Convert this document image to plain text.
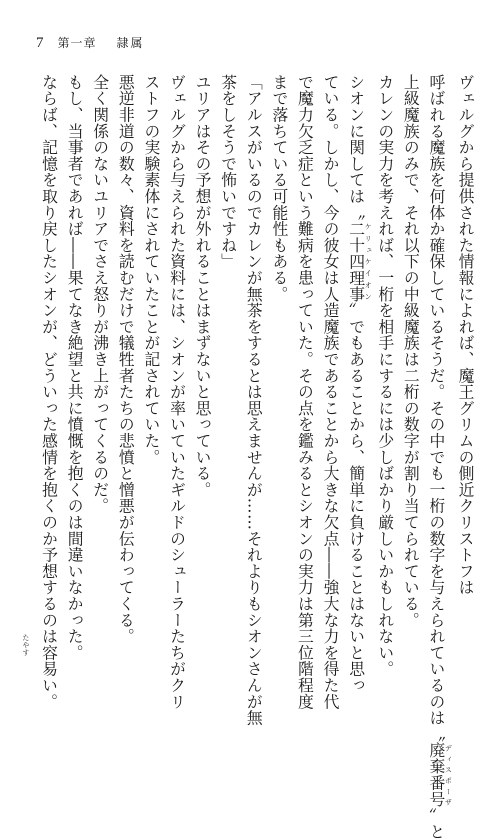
7 第一章 隷属
ヴェルグから提供された情報によれば、魔王グリムの側近クリストフは
呼ばれる魔族を何体か確保しているそうだ。その中でも一桁の数字を与えられているのは〝廃棄番号ディスポーザ〟と
上級魔族のみで、それ以下の中級魔族は二桁の数字が割り当てられている。
カレンの実力を考えれば、一桁を相手にするには少しばかり厳しいかもしれない。
シオンに関しては〝二十四理事ケリュケイオン〟でもあることから、簡単に負けることはないと思っ
ている。しかし、今の彼女は人造魔族であることから大きな欠点――強大な力を得た代
で魔力欠乏症という難病を患っていた。その点を鑑みるとシオンの実力は第三位階程度
まで落ちている可能性もある。
「アルスがいるのでカレンが無茶をするとは思えませんが……それよりもシオンさんが無
茶をしそうで怖いですね」
ユリアはその予想が外れることはまずないと思っている。
ヴェルグから与えられた資料には、シオンが率いていたギルドのシューラーたちがクリ
ストフの実験素体にされていたことが記されていた。
悪逆非道の数々、資料を読むだけで犠牲者たちの悲憤と憎悪が伝わってくる。
全く関係のないユリアでさえ怒りが沸き上がってくるのだ。
もし、当事者であれば――果てなき絶望と共に憤慨を抱くのは間違いなかった。
ならば、記憶を取り戻したシオンが、どういった感情を抱くのか予想するのは容易い。
たやす
